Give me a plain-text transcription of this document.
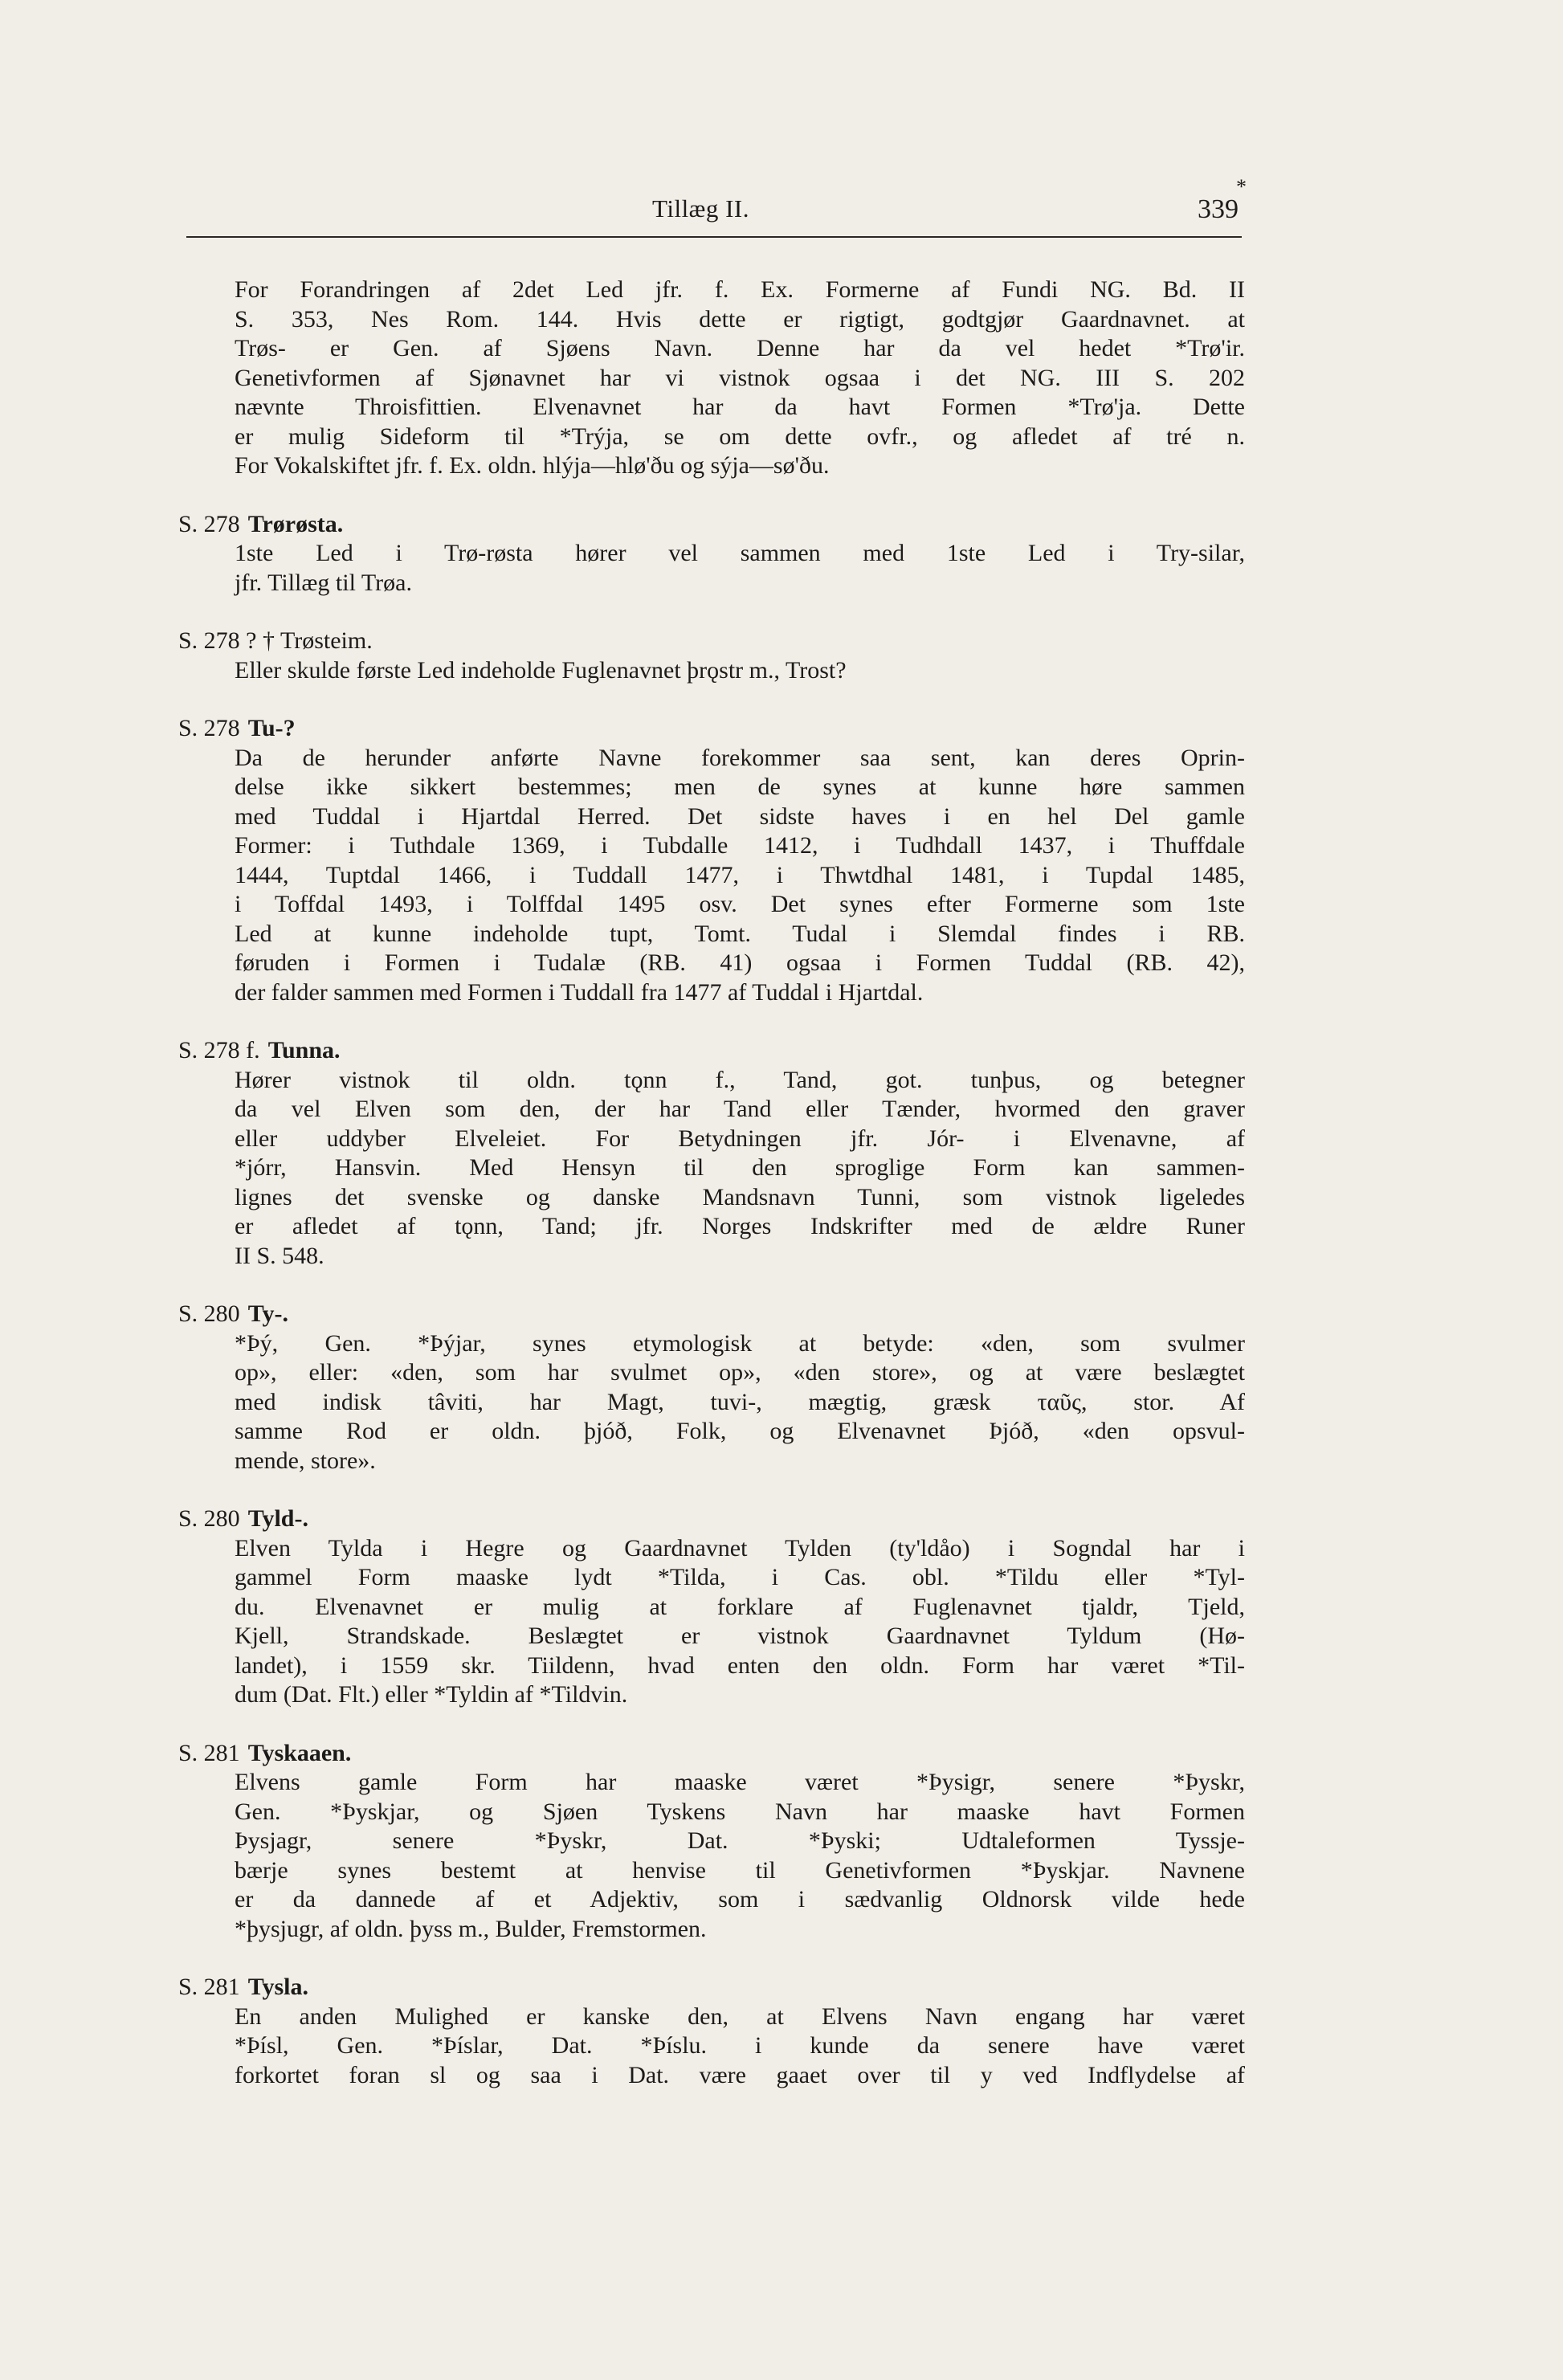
Tillæg II.	339
*
For Forandringen af 2det Led jfr. f. Ex. Formerne af Fundi NG. Bd. II
S. 353, Nes Rom. 144. Hvis dette er rigtigt, godtgjør Gaardnavnet. at
Trøs- er Gen. af Sjøens Navn. Denne har da vel hedet *Trø'ir.
Genetivformen af Sjønavnet har vi vistnok ogsaa i det NG. III S. 202
nævnte Throisfittien. Elvenavnet har da havt Formen *Trø'ja. Dette
er mulig Sideform til *Trýja, se om dette ovfr., og afledet af tré n.
For Vokalskiftet jfr. f. Ex. oldn. hlýja—hlø'ðu og sýja—sø'ðu.
S. 278 Trørøsta.
1ste Led i Trø-røsta hører vel sammen med 1ste Led i Try-silar,
jfr. Tillæg til Trøa.
S. 278 ? † Trøsteim.
Eller skulde første Led indeholde Fuglenavnet þrǫstr m., Trost?
S. 278 Tu-?
Da de herunder anførte Navne forekommer saa sent, kan deres Oprin-
delse ikke sikkert bestemmes; men de synes at kunne høre sammen
med Tuddal i Hjartdal Herred. Det sidste haves i en hel Del gamle
Former: i Tuthdale 1369, i Tubdalle 1412, i Tudhdall 1437, i Thuffdale
1444, Tuptdal 1466, i Tuddall 1477, i Thwtdhal 1481, i Tupdal 1485,
i Toffdal 1493, i Tolffdal 1495 osv. Det synes efter Formerne som 1ste
Led at kunne indeholde tupt, Tomt. Tudal i Slemdal findes i RB.
føruden i Formen i Tudalæ (RB. 41) ogsaa i Formen Tuddal (RB. 42),
der falder sammen med Formen i Tuddall fra 1477 af Tuddal i Hjartdal.
S. 278 f. Tunna.
Hører vistnok til oldn. tǫnn f., Tand, got. tunþus, og betegner
da vel Elven som den, der har Tand eller Tænder, hvormed den graver
eller uddyber Elveleiet. For Betydningen jfr. Jór- i Elvenavne, af
*jórr, Hansvin. Med Hensyn til den sproglige Form kan sammen-
lignes det svenske og danske Mandsnavn Tunni, som vistnok ligeledes
er afledet af tǫnn, Tand; jfr. Norges Indskrifter med de ældre Runer
II S. 548.
S. 280 Ty-.
*Þý, Gen. *Þýjar, synes etymologisk at betyde: «den, som svulmer
op», eller: «den, som har svulmet op», «den store», og at være beslægtet
med indisk tâviti, har Magt, tuvi-, mægtig, græsk ταῦς, stor. Af
samme Rod er oldn. þjóð, Folk, og Elvenavnet Þjóð, «den opsvul-
mende, store».
S. 280 Tyld-.
Elven Tylda i Hegre og Gaardnavnet Tylden (ty'ldåo) i Sogndal har i
gammel Form maaske lydt *Tilda, i Cas. obl. *Tildu eller *Tyl-
du. Elvenavnet er mulig at forklare af Fuglenavnet tjaldr, Tjeld,
Kjell, Strandskade. Beslægtet er vistnok Gaardnavnet Tyldum (Hø-
landet), i 1559 skr. Tiildenn, hvad enten den oldn. Form har været *Til-
dum (Dat. Flt.) eller *Tyldin af *Tildvin.
S. 281 Tyskaaen.
Elvens gamle Form har maaske været *Þysigr, senere *Þyskr,
Gen. *Þyskjar, og Sjøen Tyskens Navn har maaske havt Formen
Þysjagr, senere *Þyskr, Dat. *Þyski; Udtaleformen Tyssje-
bærje synes bestemt at henvise til Genetivformen *Þyskjar. Navnene
er da dannede af et Adjektiv, som i sædvanlig Oldnorsk vilde hede
*þysjugr, af oldn. þyss m., Bulder, Fremstormen.
S. 281 Tysla.
En anden Mulighed er kanske den, at Elvens Navn engang har været
*Þísl, Gen. *Þíslar, Dat. *Þíslu. i kunde da senere have været
forkortet foran sl og saa i Dat. være gaaet over til y ved Indflydelse af
